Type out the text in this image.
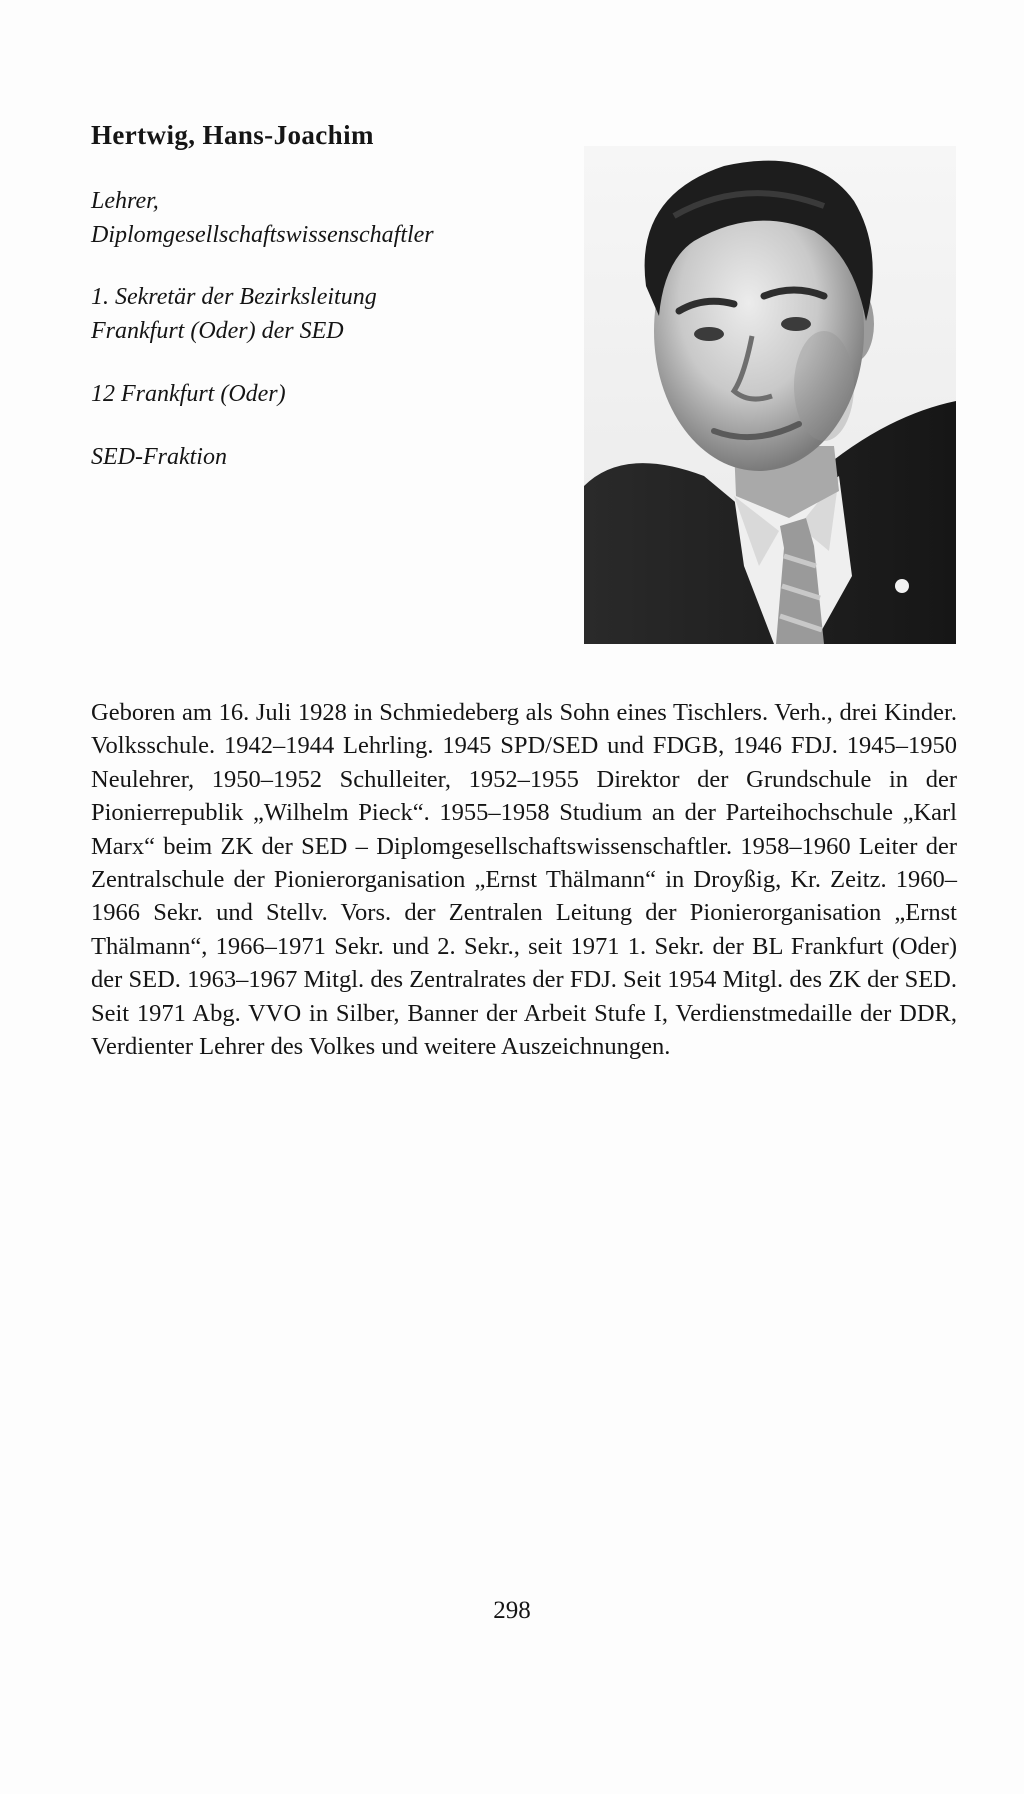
Hertwig, Hans-Joachim
Lehrer,
Diplomgesellschaftswissenschaftler
1. Sekretär der Bezirksleitung
Frankfurt (Oder) der SED
12 Frankfurt (Oder)
SED-Fraktion

Geboren am 16. Juli 1928 in Schmiedeberg als Sohn eines Tischlers. Verh., drei Kinder. Volksschule. 1942–1944 Lehrling. 1945 SPD/SED und FDGB, 1946 FDJ. 1945–1950 Neulehrer, 1950–1952 Schulleiter, 1952–1955 Direktor der Grundschule in der Pionierrepublik „Wilhelm Pieck“. 1955–1958 Studium an der Parteihochschule „Karl Marx“ beim ZK der SED – Diplomgesellschaftswissenschaftler. 1958–1960 Leiter der Zentralschule der Pionierorganisation „Ernst Thälmann“ in Droyßig, Kr. Zeitz. 1960–1966 Sekr. und Stellv. Vors. der Zentralen Leitung der Pionierorganisation „Ernst Thälmann“, 1966–1971 Sekr. und 2. Sekr., seit 1971 1. Sekr. der BL Frankfurt (Oder) der SED. 1963–1967 Mitgl. des Zentralrates der FDJ. Seit 1954 Mitgl. des ZK der SED. Seit 1971 Abg. VVO in Silber, Banner der Arbeit Stufe I, Verdienstmedaille der DDR, Verdienter Lehrer des Volkes und weitere Auszeichnungen.

298
